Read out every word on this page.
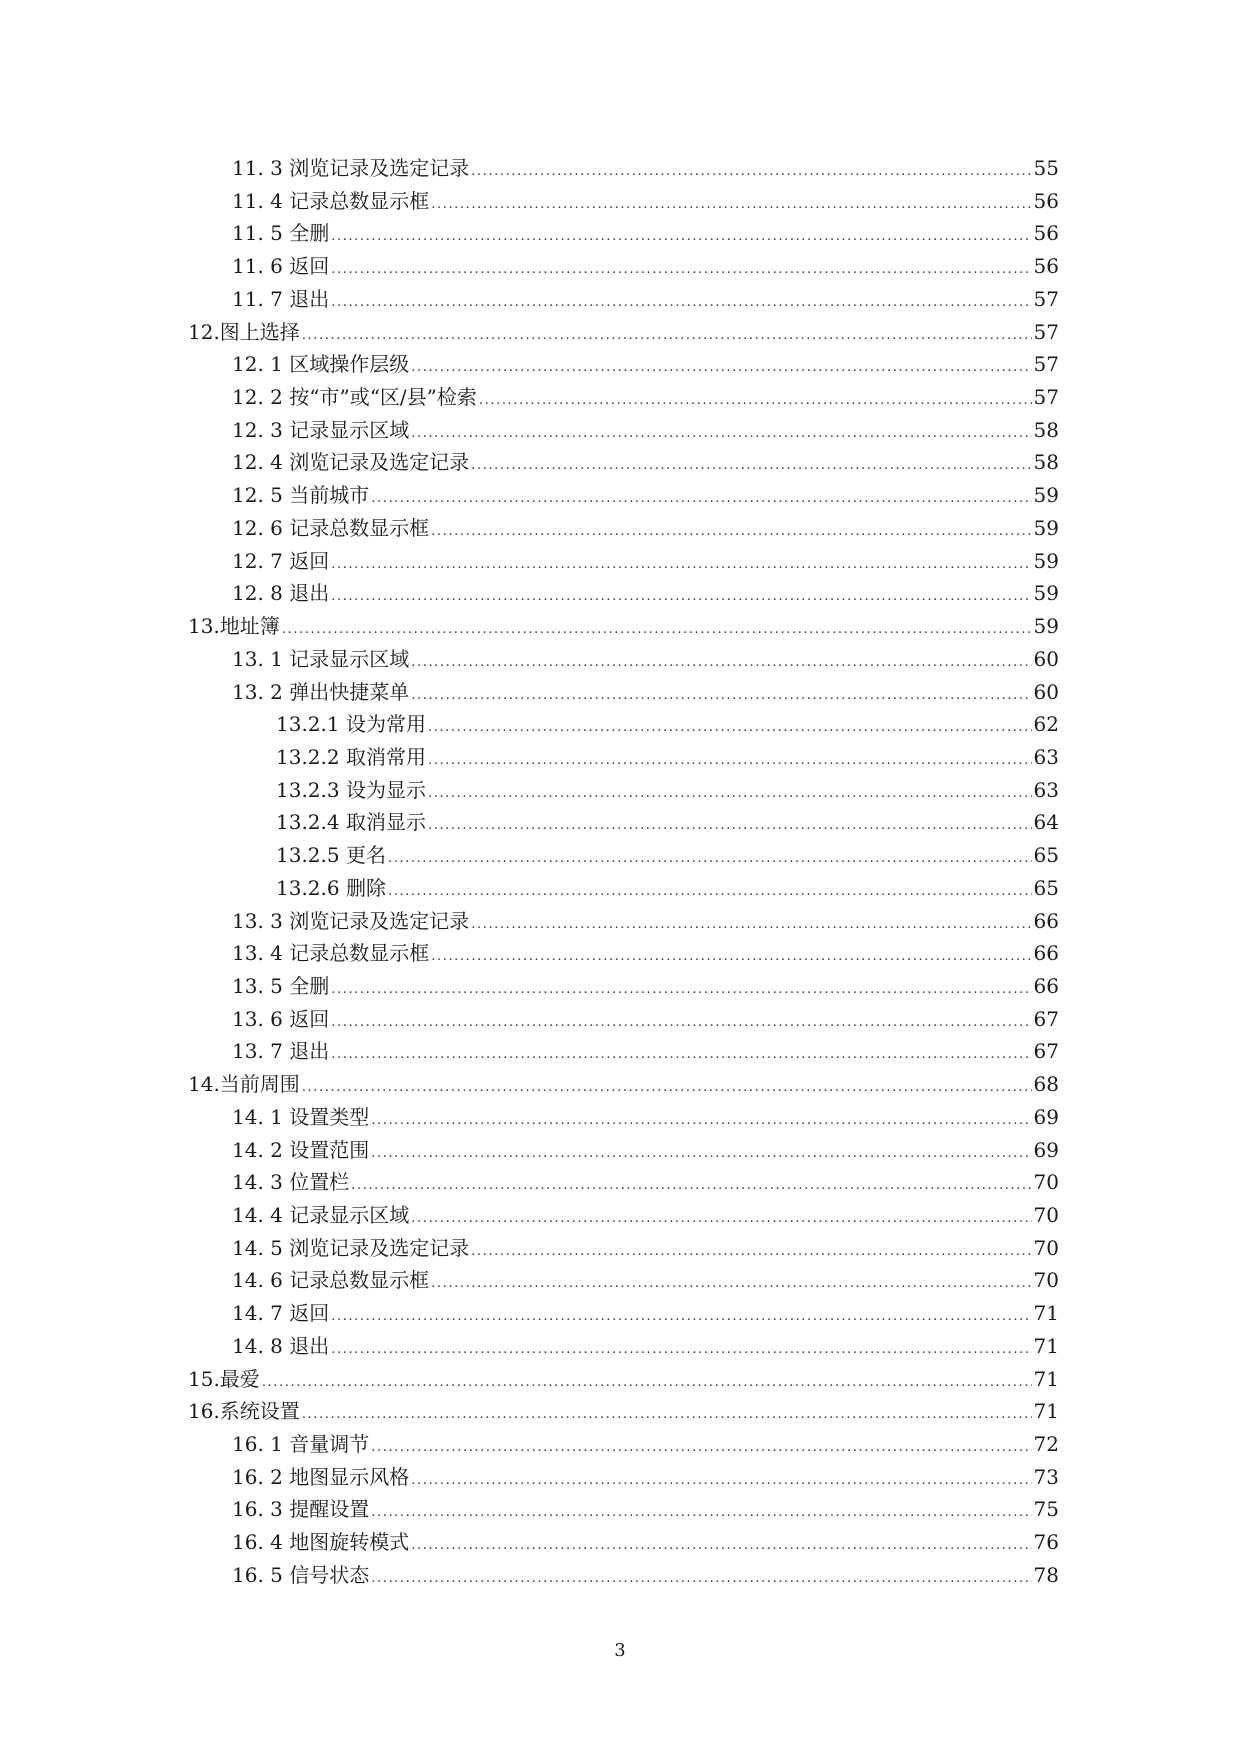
11. 3 浏览记录及选定记录 .....	55
11. 4 记录总数显示框 .....	56
11. 5 全删 .....	56
11. 6 返回 .....	56
11. 7 退出 .....	57
12.图上选择 .....	57
12. 1 区域操作层级 .....	57
12. 2 按“市”或“区/县”检索 .....	57
12. 3 记录显示区域 .....	58
12. 4 浏览记录及选定记录 .....	58
12. 5 当前城市 .....	59
12. 6 记录总数显示框 .....	59
12. 7 返回 .....	59
12. 8 退出 .....	59
13.地址簿 .....	59
13. 1 记录显示区域 .....	60
13. 2 弹出快捷菜单 .....	60
13.2.1 设为常用 .....	62
13.2.2 取消常用 .....	63
13.2.3 设为显示 .....	63
13.2.4 取消显示 .....	64
13.2.5 更名 .....	65
13.2.6 删除 .....	65
13. 3 浏览记录及选定记录 .....	66
13. 4 记录总数显示框 .....	66
13. 5 全删 .....	66
13. 6 返回 .....	67
13. 7 退出 .....	67
14.当前周围 .....	68
14. 1 设置类型 .....	69
14. 2 设置范围 .....	69
14. 3 位置栏 .....	70
14. 4 记录显示区域 .....	70
14. 5 浏览记录及选定记录 .....	70
14. 6 记录总数显示框 .....	70
14. 7 返回 .....	71
14. 8 退出 .....	71
15.最爱 .....	71
16.系统设置 .....	71
16. 1 音量调节 .....	72
16. 2 地图显示风格 .....	73
16. 3 提醒设置 .....	75
16. 4 地图旋转模式 .....	76
16. 5 信号状态 .....	78
3
